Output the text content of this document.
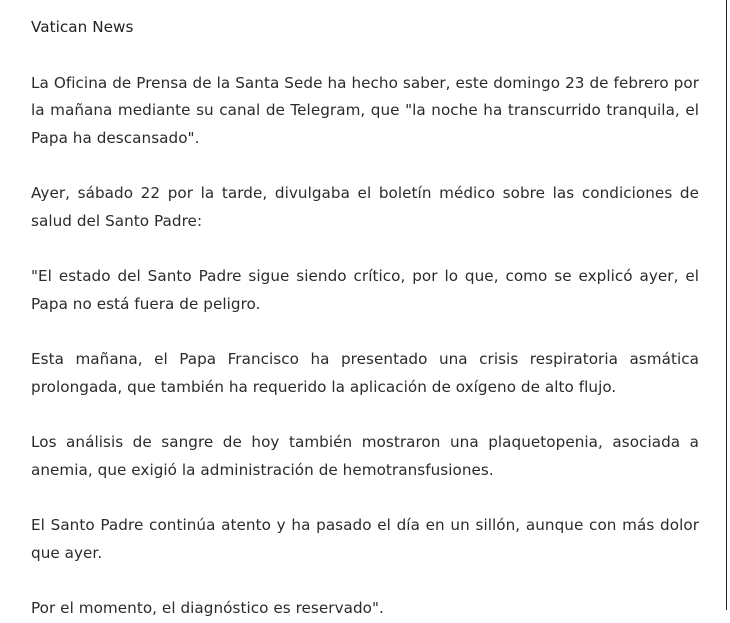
Vatican News

La Oficina de Prensa de la Santa Sede ha hecho saber, este domingo 23 de febrero por la mañana mediante su canal de Telegram, que "la noche ha transcurrido tranquila, el Papa ha descansado".

Ayer, sábado 22 por la tarde, divulgaba el boletín médico sobre las condiciones de salud del Santo Padre:

"El estado del Santo Padre sigue siendo crítico, por lo que, como se explicó ayer, el Papa no está fuera de peligro.

Esta mañana, el Papa Francisco ha presentado una crisis respiratoria asmática prolongada, que también ha requerido la aplicación de oxígeno de alto flujo.

Los análisis de sangre de hoy también mostraron una plaquetopenia, asociada a anemia, que exigió la administración de hemotransfusiones.

El Santo Padre continúa atento y ha pasado el día en un sillón, aunque con más dolor que ayer.

Por el momento, el diagnóstico es reservado".
